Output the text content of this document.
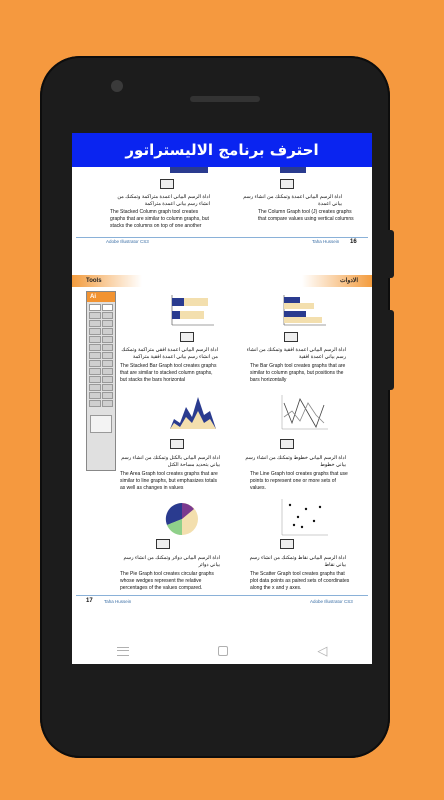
احترف برنامج الاليستراتور
اداة الرسم البياني اعمدة متراكمة وتمكنك من انشاء رسم بياني اعمدة متراكمة
The Stacked Column graph tool creates graphs that are similar to column graphs, but stacks the columns on top of one another
اداة الرسم البياني اعمدة وتمكنك من انشاء رسم بياني اعمدة
The Column Graph tool (J) creates graphs that compare values using vertical columns
Adobe Illustrator CS3	Taha Hussein 16
Tools	الادوات
Ai
اداة الرسم البياني اعمدة افقي متراكمة وتمكنك من انشاء رسم بياني اعمدة افقية متراكمة
The Stacked Bar Graph tool creates graphs that are similar to stacked column graphs, but stacks the bars horizontal
اداة الرسم البياني اعمدة افقية وتمكنك من انشاء رسم بياني اعمدة افقية
The Bar Graph tool creates graphs that are similar to column graphs, but positions the bars horizontally
اداة الرسم البياني بالكتل وتمكنك من انشاء رسم بياني بتحديد مساحة الكتل
The Area Graph tool creates graphs that are similar to line graphs, but emphasizes totals as well as changes in values
اداة الرسم البياني خطوط وتمكنك من انشاء رسم بياني خطوط
The Line Graph tool creates graphs that use points to represent one or more sets of values.
اداة الرسم البياني دوائر وتمكنك من انشاء رسم بياني دوائر
The Pie Graph tool creates circular graphs whose wedges represent the relative percentages of the values compared.
اداة الرسم البياني نقاط وتمكنك من انشاء رسم بياني نقاط
The Scatter Graph tool creates graphs that plot data points as paired sets of coordinates along the x and y axes.
17	Taha Hussein	Adobe Illustrator CS3
◁
